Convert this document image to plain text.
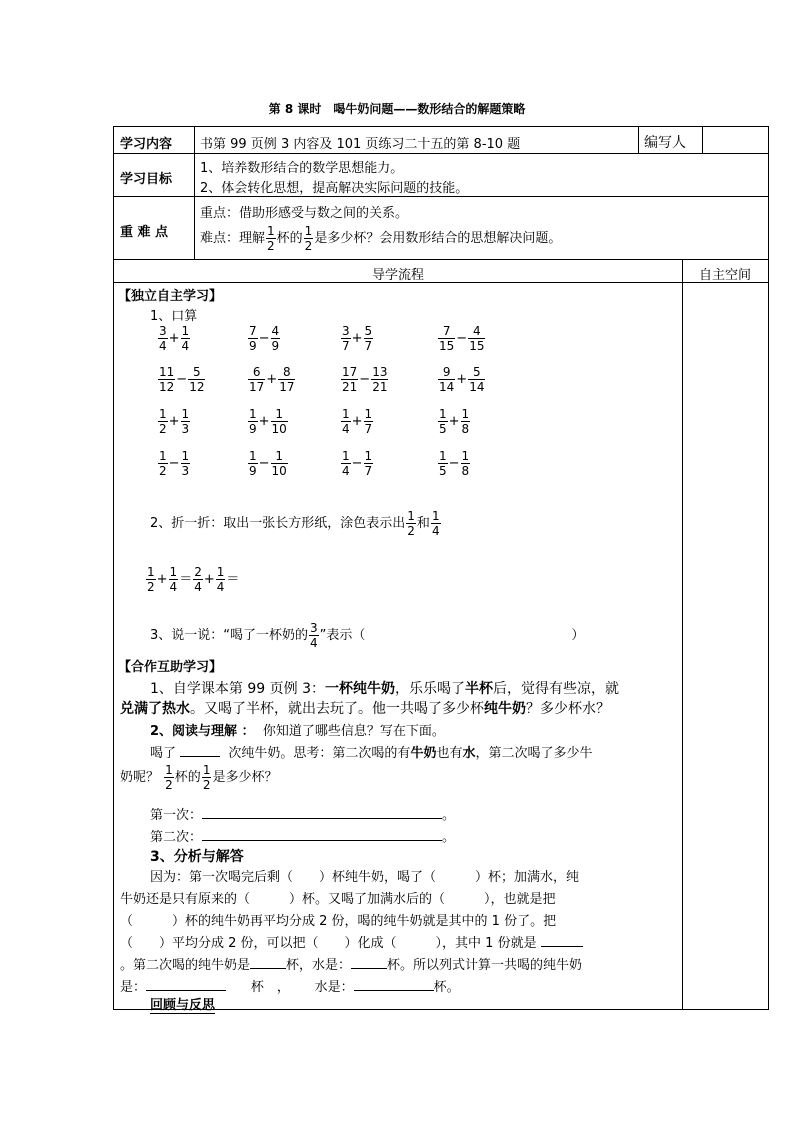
第 8 课时　喝牛奶问题——数形结合的解题策略
学习内容 书第 99 页例 3 内容及 101 页练习二十五的第 8-10 题	编写人
学习目标
1、培养数形结合的数学思想能力。
2、体会转化思想，提高解决实际问题的技能。
重 难 点
重点：借助形感受与数之间的关系。
难点：理解 $\frac{1}{2}$ 杯的 $\frac{1}{2}$ 是多少杯？会用数形结合的思想解决问题。
导学流程	自主空间
【独立自主学习】
1、口算
$\frac{3}{4} + \frac{1}{4}$	$\frac{7}{9} - \frac{4}{9}$	$\frac{3}{7} + \frac{5}{7}$	$\frac{7}{15} - \frac{4}{15}$
$\frac{11}{12} - \frac{5}{12}$	$\frac{6}{17} + \frac{8}{17}$	$\frac{17}{21} - \frac{13}{21}$	$\frac{9}{14} + \frac{5}{14}$
$\frac{1}{2} + \frac{1}{3}$	$\frac{1}{9} + \frac{1}{10}$	$\frac{1}{4} + \frac{1}{7}$	$\frac{1}{5} + \frac{1}{8}$
$\frac{1}{2} - \frac{1}{3}$	$\frac{1}{9} - \frac{1}{10}$	$\frac{1}{4} - \frac{1}{7}$	$\frac{1}{5} - \frac{1}{8}$
2、折一折：取出一张长方形纸，涂色表示出 $\frac{1}{2}$ 和 $\frac{1}{4}$
$\frac{1}{2} + \frac{1}{4} = \frac{2}{4} + \frac{1}{4}$ ＝
3、说一说：“喝了一杯奶的 $\frac{3}{4}$ ”表示（	）
【合作互助学习】
1、自学课本第 99 页例 3：一杯纯牛奶，乐乐喝了半杯后，觉得有些凉，就
兑满了热水。又喝了半杯，就出去玩了。他一共喝了多少杯纯牛奶？多少杯水？
2、阅读与理解 ： 你知道了哪些信息？写在下面。
喝了	次纯牛奶。思考：第二次喝的有牛奶也有水，第二次喝了多少牛
奶呢？ $\frac{1}{2}$ 杯的 $\frac{1}{2}$ 是多少杯？
第一次：	。
第二次：	。
3、分析与解答
因为：第一次喝完后剩（　　）杯纯牛奶，喝了（　　　）杯；加满水，纯
牛奶还是只有原来的（　　　）杯。又喝了加满水后的（　　　），也就是把
（　　　）杯的纯牛奶再平均分成 2 份，喝的纯牛奶就是其中的 1 份了。把
（　　）平均分成 2 份，可以把（　　）化成（　　　），其中 1 份就是
。第二次喝的纯牛奶是	杯，水是：	杯。所以列式计算一共喝的纯牛奶
是：	杯　， 水是：	杯。
回顾与反思
